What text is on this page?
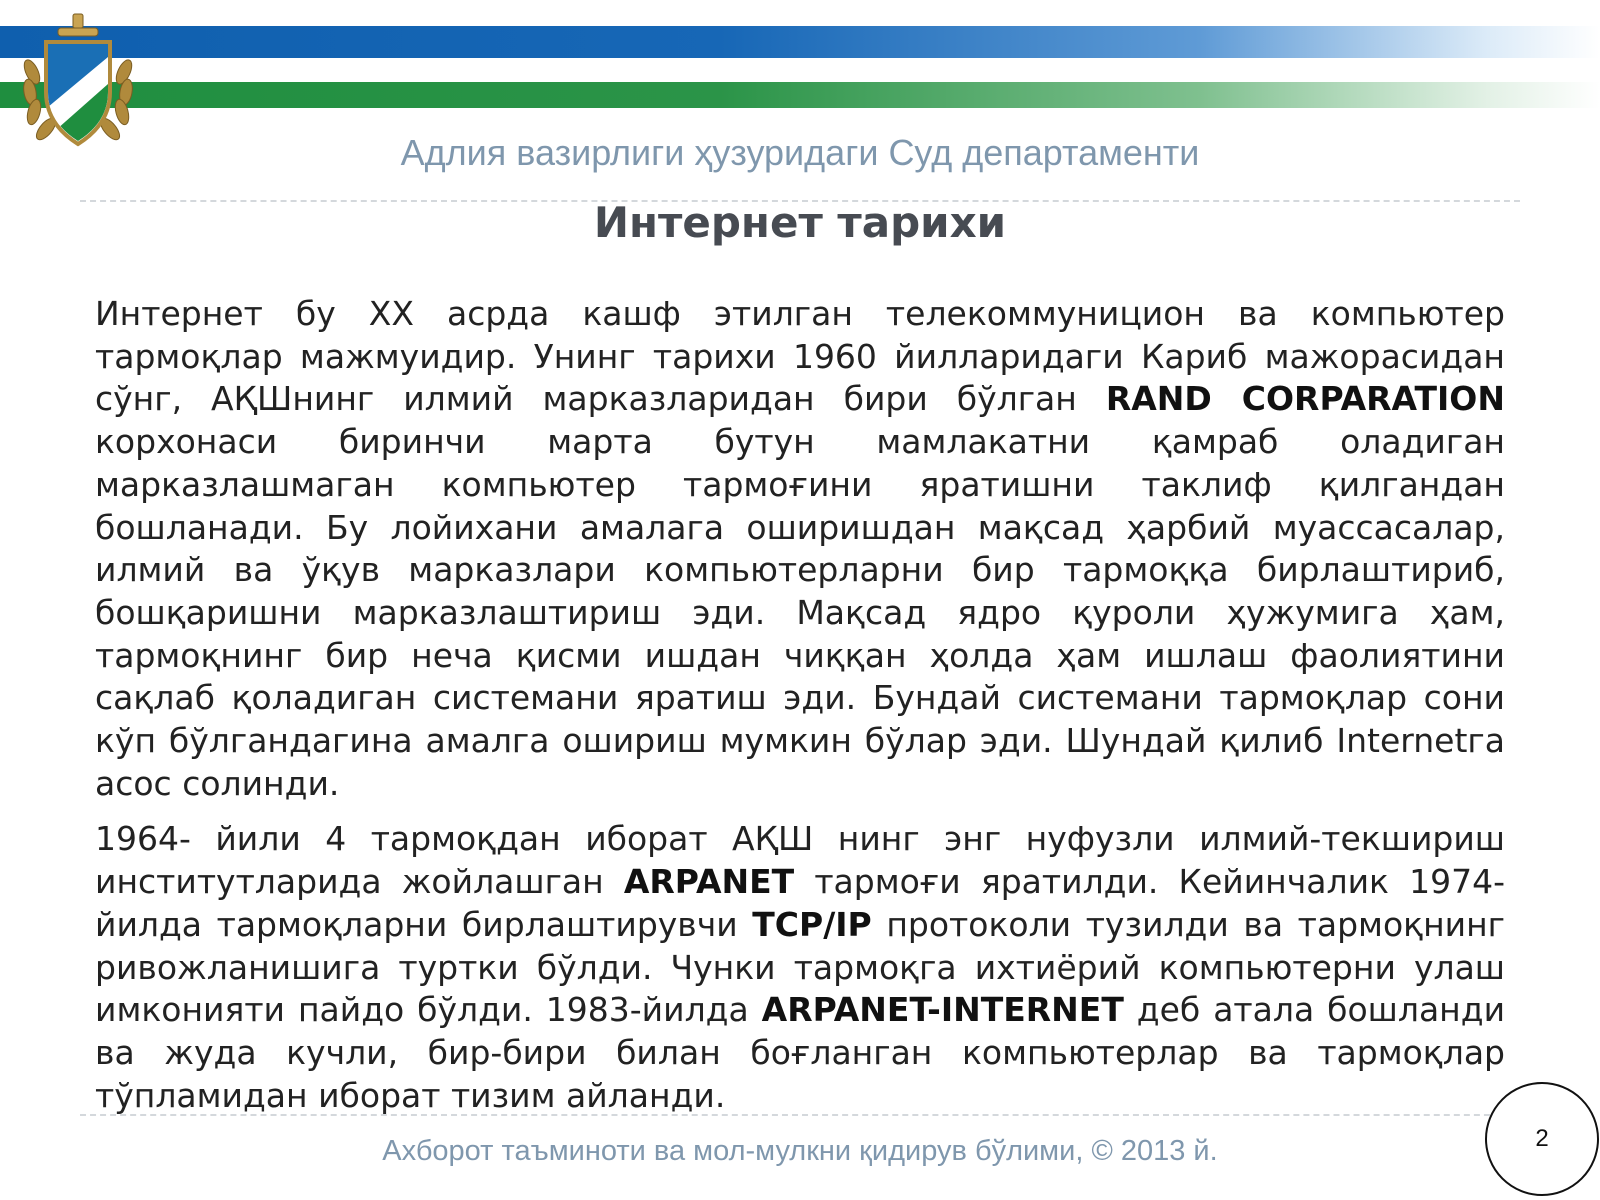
Адлия вазирлиги ҳузуридаги Суд департаменти
Интернет тарихи

Интернет бу XX асрда кашф этилган телекоммуницион ва компьютер тармоқлар мажмуидир. Унинг тарихи 1960 йилларидаги Кариб мажорасидан сўнг, АҚШнинг илмий марказларидан бири бўлган RAND CORPARATION корхонаси биринчи марта бутун мамлакатни қамраб оладиган марказлашмаган компьютер тармоғини яратишни таклиф қилгандан бошланади. Бу лойихани амалага оширишдан мақсад ҳарбий муассасалар, илмий ва ўқув марказлари компьютерларни бир тармоққа бирлаштириб, бошқаришни марказлаштириш эди. Мақсад ядро қуроли ҳужумига ҳам, тармоқнинг бир неча қисми ишдан чиққан ҳолда ҳам ишлаш фаолиятини сақлаб қоладиган системани яратиш эди. Бундай системани тармоқлар сони кўп бўлгандагина амалга ошириш мумкин бўлар эди. Шундай қилиб Internetга асос солинди.

1964- йили 4 тармоқдан иборат АҚШ нинг энг нуфузли илмий-текшириш институтларида жойлашган ARPANET тармоғи яратилди. Кейинчалик 1974-йилда тармоқларни бирлаштирувчи TCP/IP протоколи тузилди ва тармоқнинг ривожланишига туртки бўлди. Чунки тармоқга ихтиёрий компьютерни улаш имконияти пайдо бўлди. 1983-йилда ARPANET-INTERNET деб атала бошланди ва жуда кучли, бир-бири билан боғланган компьютерлар ва тармоқлар тўпламидан иборат тизим айланди.

Ахборот таъминоти ва мол-мулкни қидирув бўлими, © 2013 й.	2
